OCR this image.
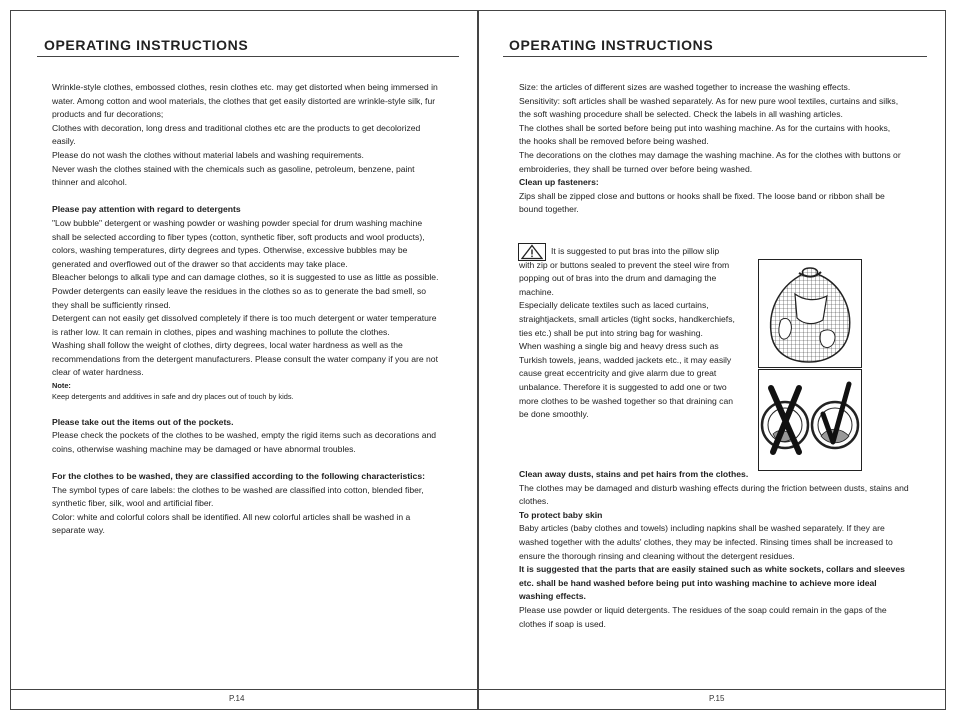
OPERATING INSTRUCTIONS

Wrinkle-style clothes, embossed clothes, resin clothes etc. may get distorted when being immersed in water. Among cotton and wool materials, the clothes that get easily distorted are wrinkle-style silk, fur products and fur decorations;

Clothes with decoration, long dress and traditional clothes etc are the products to get decolorized easily.

Please do not wash the clothes without material labels and washing requirements.

Never wash the clothes stained with the chemicals such as gasoline, petroleum, benzene, paint thinner and alcohol.

Please pay attention with regard to detergents

"Low bubble" detergent or washing powder or washing powder special for drum washing machine shall be selected according to fiber types (cotton, synthetic fiber, soft products and wool products), colors, washing temperatures, dirty degrees and types. Otherwise, excessive bubbles may be generated and overflowed out of the drawer so that accidents may take place.

Bleacher belongs to alkali type and can damage clothes, so it is suggested to use as little as possible.

Powder detergents can easily leave the residues in the clothes so as to generate the bad smell, so they shall be sufficiently rinsed.

Detergent can not easily get dissolved completely if there is too much detergent or water temperature is rather low. It can remain in clothes, pipes and washing machines to pollute the clothes.

Washing shall follow the weight of clothes, dirty degrees, local water hardness as well as the recommendations from the detergent manufacturers. Please consult the water company if you are not clear of water hardness.

Note:

Keep detergents and additives in safe and dry places out of touch by kids.

Please take out the items out of the pockets.

Please check the pockets of the clothes to be washed, empty the rigid items such as decorations and coins, otherwise washing machine may be damaged or have abnormal troubles.

For the clothes to be washed, they are classified according to the following characteristics:

The symbol types of care labels: the clothes to be washed are classified into cotton, blended fiber, synthetic fiber, silk, wool and artificial fiber.

Color: white and colorful colors shall be identified. All new colorful articles shall be washed in a separate way.

P.14
OPERATING INSTRUCTIONS

Size: the articles of different sizes are washed together to increase the washing effects.

Sensitivity: soft articles shall be washed separately. As for new pure wool textiles, curtains and silks, the soft washing procedure shall be selected. Check the labels in all washing articles.

The clothes shall be sorted before being put into washing machine. As for the curtains with hooks, the hooks shall be removed before being washed.

The decorations on the clothes may damage the washing machine. As for the clothes with buttons or embroideries, they shall be turned over before being washed.

Clean up fasteners:

Zips shall be zipped close and buttons or hooks shall be fixed. The loose band or ribbon shall be bound together.

It is suggested to put bras into the pillow slip with zip or buttons sealed to prevent the steel wire from popping out of bras into the drum and damaging the machine.

Especially delicate textiles such as laced curtains, straightjackets, small articles (tight socks, handkerchiefs, ties etc.) shall be put into string bag for washing.

When washing a single big and heavy dress such as Turkish towels, jeans, wadded jackets etc., it may easily cause great eccentricity and give alarm due to great unbalance. Therefore it is suggested to add one or two more clothes to be washed together so that draining can be done smoothly.

Clean away dusts, stains and pet hairs from the clothes.

The clothes may be damaged and disturb washing effects during the friction between dusts, stains and clothes.

To protect baby skin

Baby articles (baby clothes and towels) including napkins shall be washed separately. If they are washed together with the adults' clothes, they may be infected. Rinsing times shall be increased to ensure the thorough rinsing and cleaning without the detergent residues.

It is suggested that the parts that are easily stained such as white sockets, collars and sleeves etc. shall be hand washed before being put into washing machine to achieve more ideal washing effects.

Please use powder or liquid detergents. The residues of the soap could remain in the gaps of the clothes if soap is used.

P.15
